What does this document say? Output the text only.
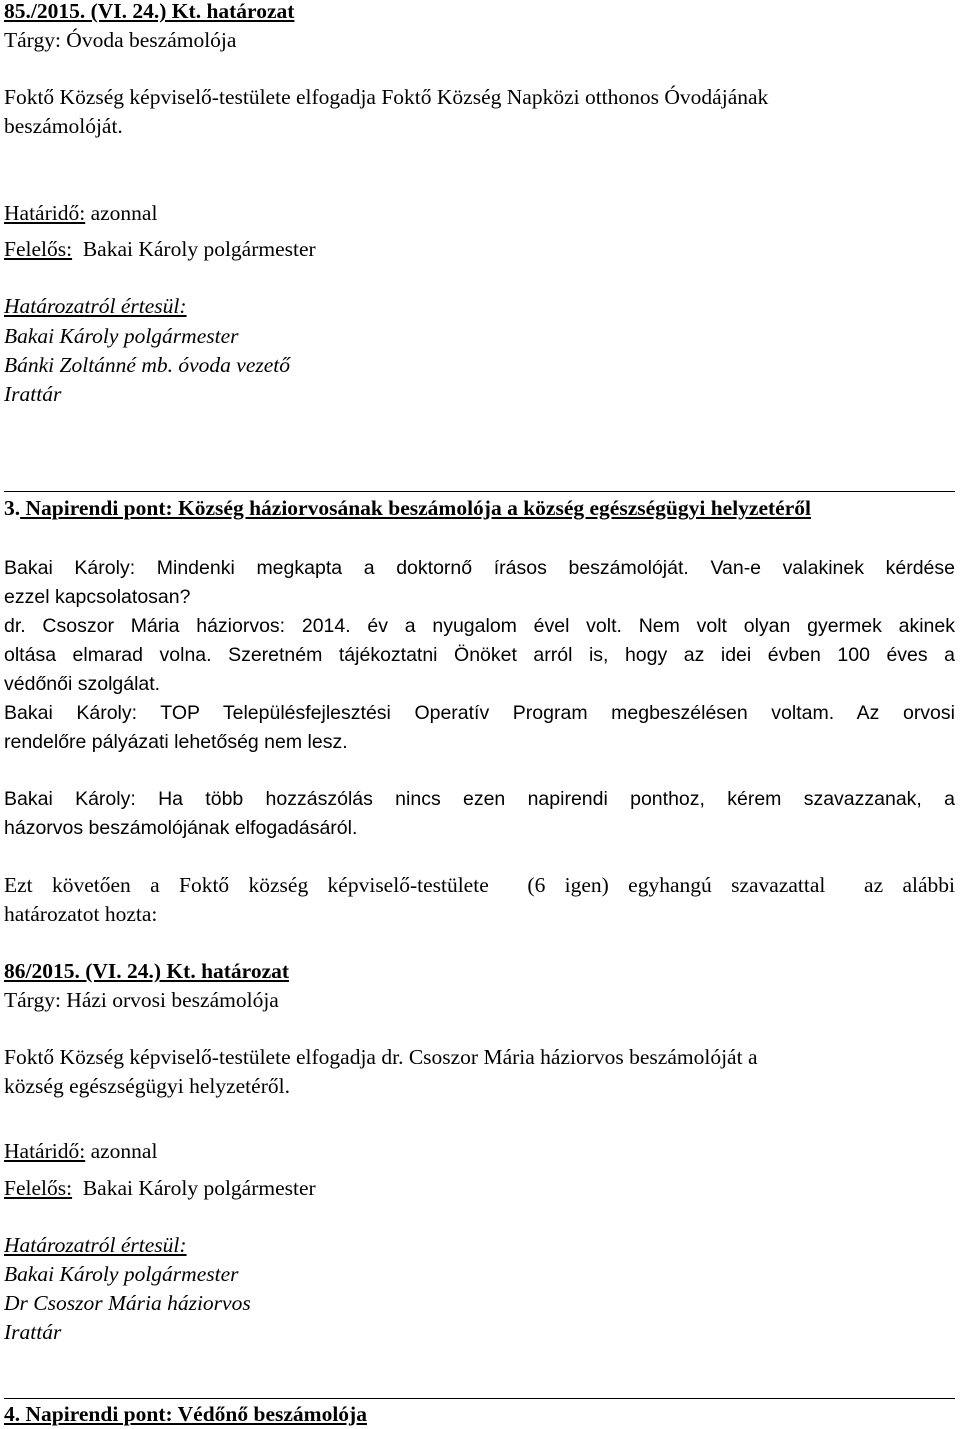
85./2015. (VI. 24.) Kt. határozat
Tárgy: Óvoda beszámolója
Foktő Község képviselő-testülete elfogadja Foktő Község Napközi otthonos Óvodájának
beszámolóját.
Határidő: azonnal
Felelős:  Bakai Károly polgármester
Határozatról értesül:
Bakai Károly polgármester
Bánki Zoltánné mb. óvoda vezető
Irattár
3. Napirendi pont: Község háziorvosának beszámolója a község egészségügyi helyzetéről
Bakai Károly: Mindenki megkapta a doktornő írásos beszámolóját. Van-e valakinek kérdése
ezzel kapcsolatosan?
dr. Csoszor Mária háziorvos: 2014. év a nyugalom ével volt. Nem volt olyan gyermek akinek
oltása elmarad volna. Szeretném tájékoztatni Önöket arról is, hogy az idei évben 100 éves a
védőnői szolgálat.
Bakai Károly: TOP Településfejlesztési Operatív Program megbeszélésen voltam. Az orvosi
rendelőre pályázati lehetőség nem lesz.
Bakai Károly: Ha több hozzászólás nincs ezen napirendi ponthoz, kérem szavazzanak, a
házorvos beszámolójának elfogadásáról.
Ezt követően a Foktő község képviselő-testülete  (6 igen) egyhangú szavazattal  az alábbi
határozatot hozta:
86/2015. (VI. 24.) Kt. határozat
Tárgy: Házi orvosi beszámolója
Foktő Község képviselő-testülete elfogadja dr. Csoszor Mária háziorvos beszámolóját a
község egészségügyi helyzetéről.
Határidő: azonnal
Felelős:  Bakai Károly polgármester
Határozatról értesül:
Bakai Károly polgármester
Dr Csoszor Mária háziorvos
Irattár
4. Napirendi pont: Védőnő beszámolója
